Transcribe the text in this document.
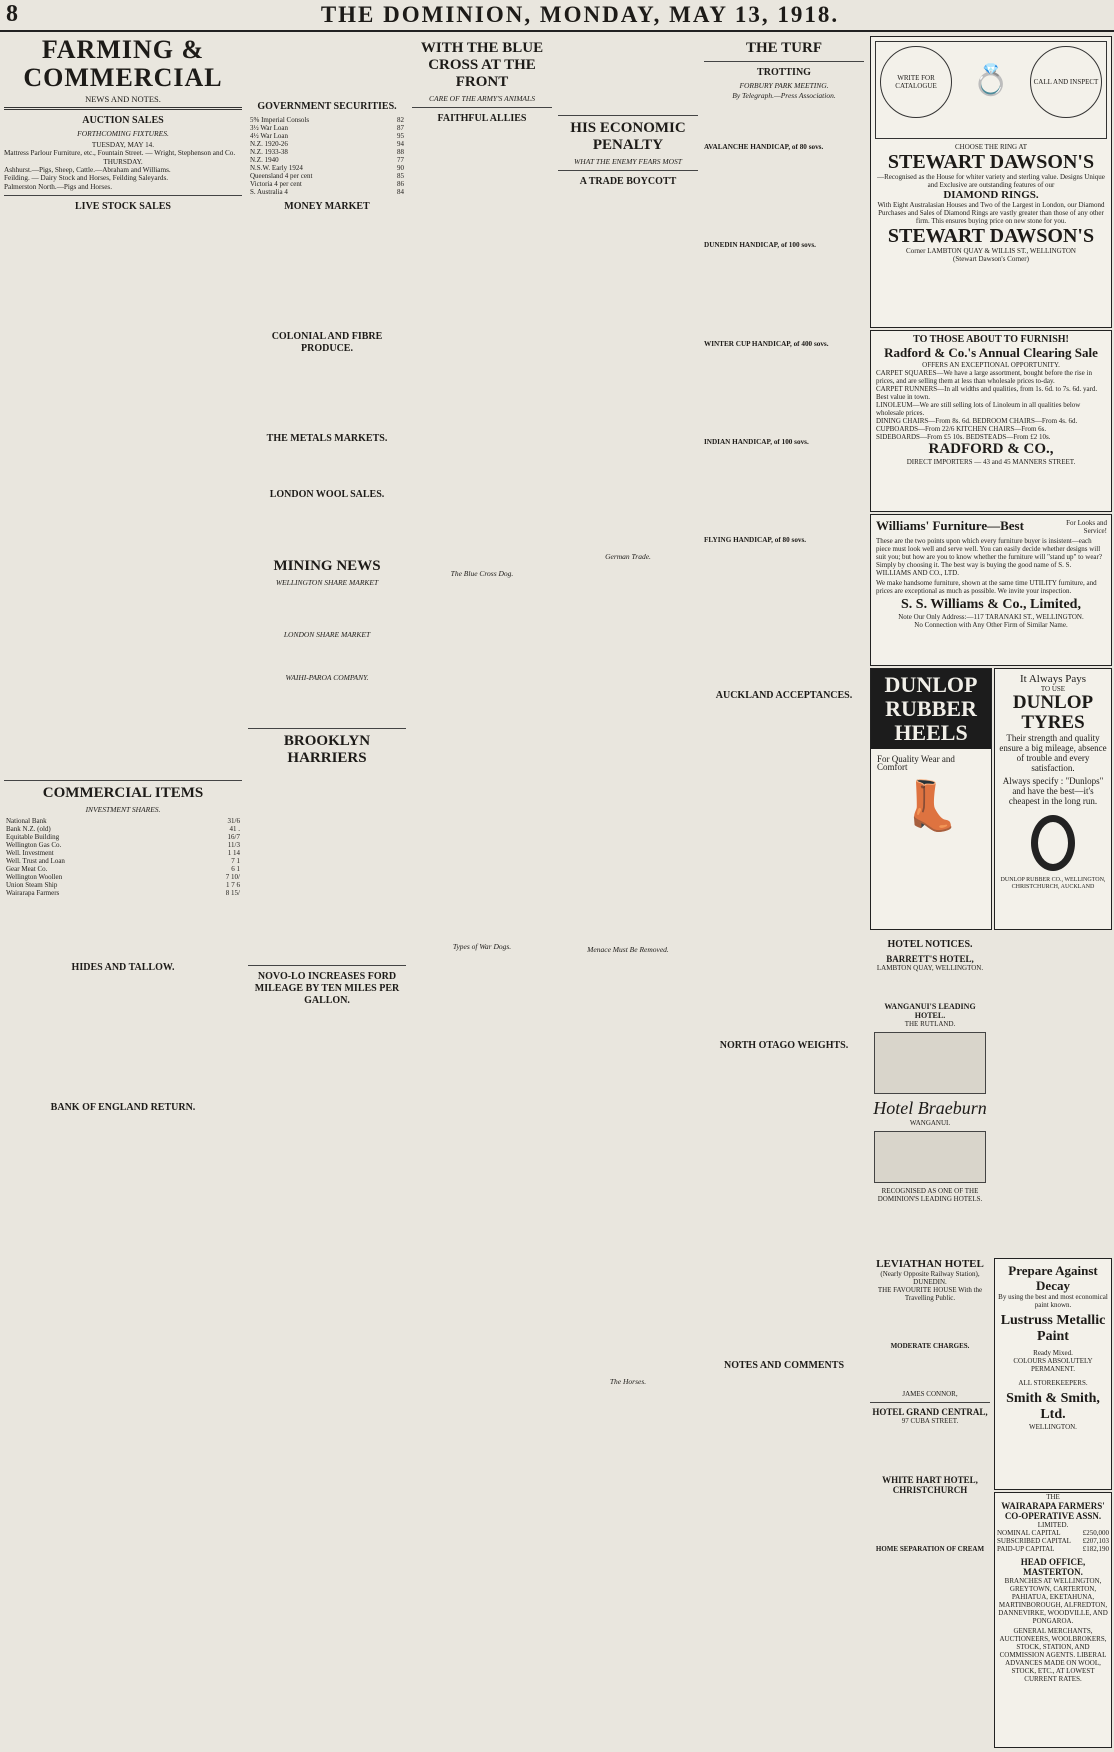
8	THE DOMINION, MONDAY, MAY 13, 1918.
FARMING & COMMERCIAL
NEWS AND NOTES.
AUCTION SALES
FORTHCOMING FIXTURES.
TUESDAY, MAY 14.
Mattress Parlour Furniture, etc., Fountain Street. — Wright, Stephenson and Co.
THURSDAY.
Ashhurst.—Pigs, Sheep, Cattle.—Abraham and Williams.
Feilding. — Dairy Stock and Horses, Feilding Saleyards.
Palmerston North.—Pigs and Horses.
LIVE STOCK SALES
COMMERCIAL ITEMS
INVESTMENT SHARES.
National Bank	31/6
Bank N.Z. (old)	41 .
Equitable Building	16/7
Wellington Gas Co.	11/3
Well. Investment	1 14
Well. Trust and Loan	7 1
Gear Meat Co.	6 1
Wellington Woollen	7 10/
Union Steam Ship	1 7 6
Wairarapa Farmers	8 15/
HIDES AND TALLOW.
BANK OF ENGLAND RETURN.
GOVERNMENT SECURITIES.
5% Imperial Consols	82
3½ War Loan	87
4½ War Loan	95
N.Z. 1920-26	94
N.Z. 1933-38	88
N.Z. 1940	77
N.S.W. Early 1924	90
Queensland 4 per cent	85
Victoria 4 per cent	86
S. Australia 4	84
MONEY MARKET
COLONIAL AND FIBRE PRODUCE.
THE METALS MARKETS.
LONDON WOOL SALES.
MINING NEWS
WELLINGTON SHARE MARKET
LONDON SHARE MARKET
WAIHI-PAROA COMPANY.
BROOKLYN HARRIERS
NOVO-LO INCREASES FORD MILEAGE BY TEN MILES PER GALLON.
WITH THE BLUE CROSS AT THE FRONT
CARE OF THE ARMY'S ANIMALS
FAITHFUL ALLIES
The Blue Cross Dog.
Types of War Dogs.
HIS ECONOMIC PENALTY
WHAT THE ENEMY FEARS MOST
A TRADE BOYCOTT
German Trade.
Menace Must Be Removed.
The Horses.
THE TURF
TROTTING
FORBURY PARK MEETING.
By Telegraph.—Press Association.
AVALANCHE HANDICAP, of 80 sovs.
DUNEDIN HANDICAP, of 100 sovs.
WINTER CUP HANDICAP, of 400 sovs.
INDIAN HANDICAP, of 100 sovs.
FLYING HANDICAP, of 80 sovs.
AUCKLAND ACCEPTANCES.
NORTH OTAGO WEIGHTS.
NOTES AND COMMENTS
WRITE FOR CATALOGUE	💍	CALL AND INSPECT
CHOOSE THE RING AT
STEWART DAWSON'S
—Recognised as the House for whiter variety and sterling value. Designs Unique and Exclusive are outstanding features of our
DIAMOND RINGS.
With Eight Australasian Houses and Two of the Largest in London, our Diamond Purchases and Sales of Diamond Rings are vastly greater than those of any other firm. This ensures buying price on new stone for you.
STEWART DAWSON'S
Corner LAMBTON QUAY & WILLIS ST., WELLINGTON
(Stewart Dawson's Corner)
TO THOSE ABOUT TO FURNISH!
Radford & Co.'s Annual Clearing Sale
OFFERS AN EXCEPTIONAL OPPORTUNITY.
CARPET SQUARES—We have a large assortment, bought before the rise in prices, and are selling them at less than wholesale prices to-day.
CARPET RUNNERS—In all widths and qualities, from 1s. 6d. to 7s. 6d. yard. Best value in town.
LINOLEUM—We are still selling lots of Linoleum in all qualities below wholesale prices.
DINING CHAIRS—From 8s. 6d. BEDROOM CHAIRS—From 4s. 6d.
CUPBOARDS—From 22/6 KITCHEN CHAIRS—From 6s.
SIDEBOARDS—From £5 10s. BEDSTEADS—From £2 10s.
RADFORD & CO.,
DIRECT IMPORTERS — 43 and 45 MANNERS STREET.
Williams' Furniture—Best	For Looks and Service!
These are the two points upon which every furniture buyer is insistent—each piece must look well and serve well. You can easily decide whether designs will suit you; but how are you to know whether the furniture will "stand up" to wear? Simply by choosing it. The best way is buying the good name of S. S. WILLIAMS AND CO., LTD.
We make handsome furniture, shown at the same time UTILITY furniture, and prices are exceptional as much as possible. We invite your inspection.
S. S. Williams & Co., Limited,
Note Our Only Address:—117 TARANAKI ST., WELLINGTON.
No Connection with Any Other Firm of Similar Name.
DUNLOP
RUBBER
HEELS
For Quality Wear and Comfort
👢
It Always Pays
TO USE
DUNLOP
TYRES
Their strength and quality ensure a big mileage, absence of trouble and every satisfaction.
Always specify : "Dunlops" and have the best—it's cheapest in the long run.
DUNLOP RUBBER CO., WELLINGTON, CHRISTCHURCH, AUCKLAND
HOTEL NOTICES.
BARRETT'S HOTEL,
LAMBTON QUAY, WELLINGTON.
WANGANUI'S LEADING HOTEL.
THE RUTLAND.
Hotel Braeburn
WANGANUI.
RECOGNISED AS ONE OF THE DOMINION'S LEADING HOTELS.
LEVIATHAN HOTEL
(Nearly Opposite Railway Station), DUNEDIN.
THE FAVOURITE HOUSE With the Travelling Public.
MODERATE CHARGES.
JAMES CONNOR,
HOTEL GRAND CENTRAL,
97 CUBA STREET.
WHITE HART HOTEL, CHRISTCHURCH
HOME SEPARATION OF CREAM
Prepare Against Decay
By using the best and most economical paint known.
Lustruss Metallic Paint
Ready Mixed.
COLOURS ABSOLUTELY PERMANENT.
ALL STOREKEEPERS.
Smith & Smith, Ltd.
WELLINGTON.
THE
WAIRARAPA FARMERS' CO-OPERATIVE ASSN.
LIMITED.
NOMINAL CAPITAL	£250,000
SUBSCRIBED CAPITAL	£207,103
PAID-UP CAPITAL	£182,190
HEAD OFFICE, MASTERTON.
BRANCHES AT WELLINGTON, GREYTOWN, CARTERTON, PAHIATUA, EKETAHUNA, MARTINBOROUGH, ALFREDTON, DANNEVIRKE, WOODVILLE, AND PONGAROA.
GENERAL MERCHANTS, AUCTIONEERS, WOOLBROKERS, STOCK, STATION, AND COMMISSION AGENTS. LIBERAL ADVANCES MADE ON WOOL, STOCK, ETC., AT LOWEST CURRENT RATES.
